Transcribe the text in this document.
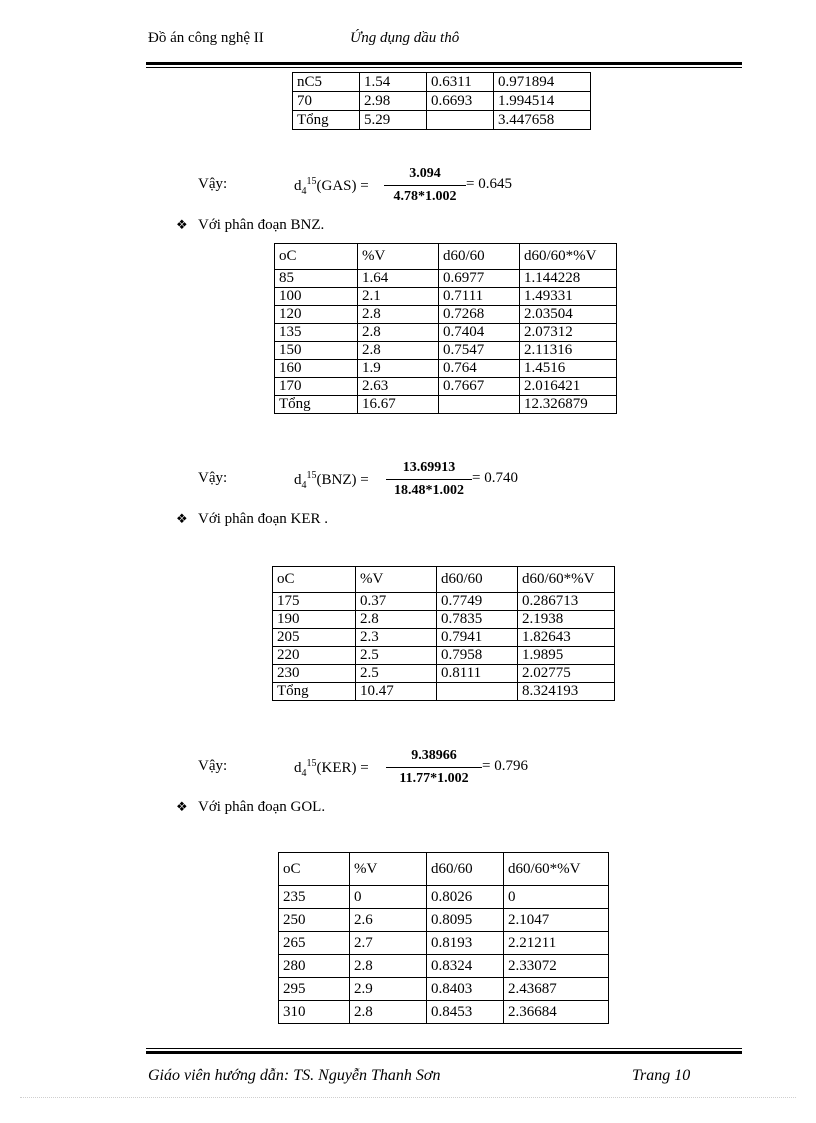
Đồ án công nghệ II	Ứng dụng dầu thô
nC5	1.54	0.6311	0.971894
70	2.98	0.6693	1.994514
Tổng	5.29		3.447658
Vậy:	$d_4^{15}(GAS)$ =
3.094
4.78*1.002
= 0.645
❖ Với phân đoạn BNZ.
oC	%V	d60/60	d60/60*%V
85	1.64	0.6977	1.144228
100	2.1	0.7111	1.49331
120	2.8	0.7268	2.03504
135	2.8	0.7404	2.07312
150	2.8	0.7547	2.11316
160	1.9	0.764	1.4516
170	2.63	0.7667	2.016421
Tổng	16.67		12.326879
Vậy:	$d_4^{15}(BNZ)$ =
13.69913
18.48*1.002
= 0.740
❖ Với phân đoạn KER .
oC	%V	d60/60	d60/60*%V
175	0.37	0.7749	0.286713
190	2.8	0.7835	2.1938
205	2.3	0.7941	1.82643
220	2.5	0.7958	1.9895
230	2.5	0.8111	2.02775
Tổng	10.47		8.324193
Vậy:	$d_4^{15}(KER)$ =
9.38966
11.77*1.002
= 0.796
❖ Với phân đoạn GOL.
oC	%V	d60/60	d60/60*%V
235	0	0.8026	0
250	2.6	0.8095	2.1047
265	2.7	0.8193	2.21211
280	2.8	0.8324	2.33072
295	2.9	0.8403	2.43687
310	2.8	0.8453	2.36684
Giáo viên hướng dẫn: TS. Nguyễn Thanh Sơn	Trang 10
